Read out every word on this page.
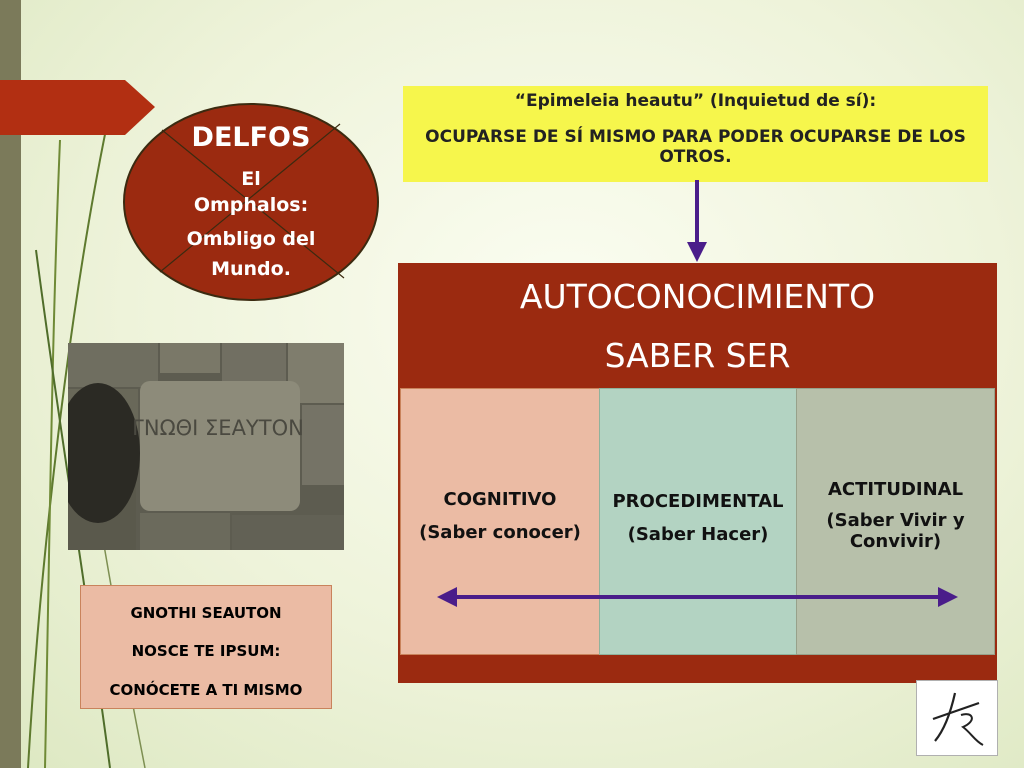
DELFOS
El
Omphalos:
Ombligo del
Mundo.
ΓΝΩΘΙ ΣΕΑΥΤΟΝ
GNOTHI SEAUTON
NOSCE TE IPSUM:
CONÓCETE A TI MISMO
“Epimeleia heautu” (Inquietud de sí):
OCUPARSE DE SÍ MISMO PARA PODER OCUPARSE DE LOS OTROS.
AUTOCONOCIMIENTO
SABER SER
COGNITIVO
(Saber conocer)
PROCEDIMENTAL
(Saber Hacer)
ACTITUDINAL
(Saber Vivir y Convivir)
